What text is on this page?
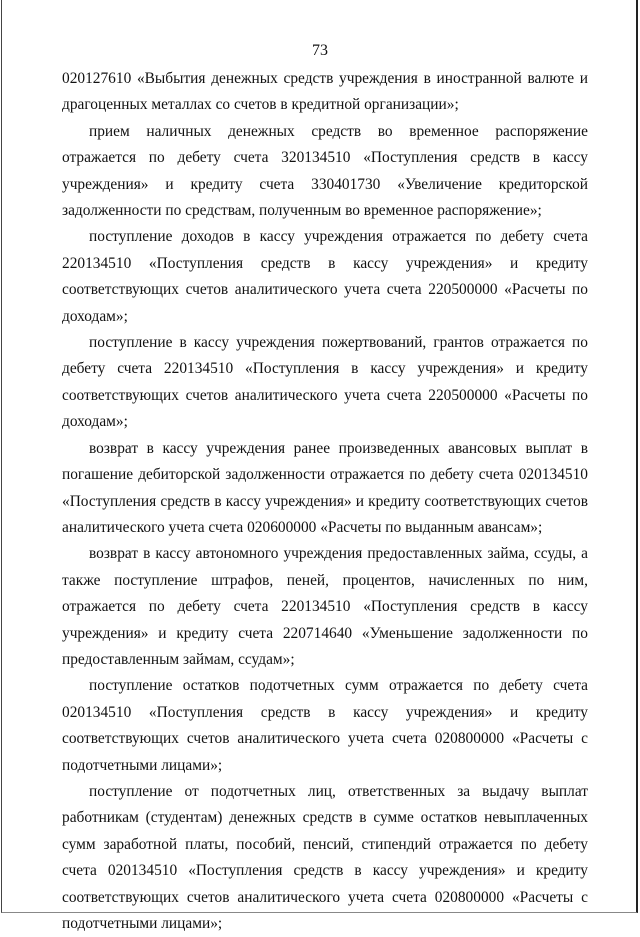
73

020127610 «Выбытия денежных средств учреждения в иностранной валюте и драгоценных металлах со счетов в кредитной организации»;

прием наличных денежных средств во временное распоряжение отражается по дебету счета 320134510 «Поступления средств в кассу учреждения» и кредиту счета 330401730 «Увеличение кредиторской задолженности по средствам, полученным во временное распоряжение»;

поступление доходов в кассу учреждения отражается по дебету счета 220134510 «Поступления средств в кассу учреждения» и кредиту соответствующих счетов аналитического учета счета 220500000 «Расчеты по доходам»;

поступление в кассу учреждения пожертвований, грантов отражается по дебету счета 220134510 «Поступления в кассу учреждения» и кредиту соответствующих счетов аналитического учета счета 220500000 «Расчеты по доходам»;

возврат в кассу учреждения ранее произведенных авансовых выплат в погашение дебиторской задолженности отражается по дебету счета 020134510 «Поступления средств в кассу учреждения» и кредиту соответствующих счетов аналитического учета счета 020600000 «Расчеты по выданным авансам»;

возврат в кассу автономного учреждения предоставленных займа, ссуды, а также поступление штрафов, пеней, процентов, начисленных по ним, отражается по дебету счета 220134510 «Поступления средств в кассу учреждения» и кредиту счета 220714640 «Уменьшение задолженности по предоставленным займам, ссудам»;

поступление остатков подотчетных сумм отражается по дебету счета 020134510 «Поступления средств в кассу учреждения» и кредиту соответствующих счетов аналитического учета счета 020800000 «Расчеты с подотчетными лицами»;

поступление от подотчетных лиц, ответственных за выдачу выплат работникам (студентам) денежных средств в сумме остатков невыплаченных сумм заработной платы, пособий, пенсий, стипендий отражается по дебету счета 020134510 «Поступления средств в кассу учреждения» и кредиту соответствующих счетов аналитического учета счета 020800000 «Расчеты с подотчетными лицами»;
